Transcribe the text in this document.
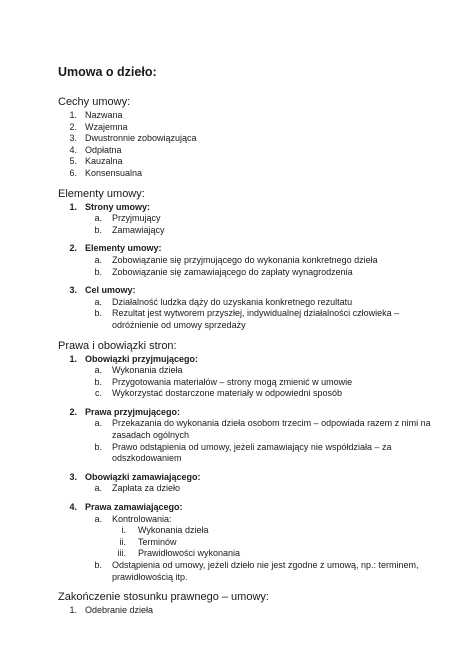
Umowa o dzieło:
Cechy umowy:
1. Nazwana
2. Wzajemna
3. Dwustronnie zobowiązująca
4. Odpłatna
5. Kauzalna
6. Konsensualna
Elementy umowy:
1. Strony umowy:
a.	Przyjmujący
b.	Zamawiający
2. Elementy umowy:
a.	Zobowiązanie się przyjmującego do wykonania konkretnego dzieła
b.	Zobowiązanie się zamawiającego do zapłaty wynagrodzenia
3. Cel umowy:
a.	Działalność ludzka dąży do uzyskania konkretnego rezultatu
b.	Rezultat jest wytworem przyszłej, indywidualnej działalności człowieka – odróżnienie od umowy sprzedaży
Prawa i obowiązki stron:
1. Obowiązki przyjmującego:
a.	Wykonania dzieła
b.	Przygotowania materiałów – strony mogą zmienić w umowie
c.	Wykorzystać dostarczone materiały w odpowiedni sposób
2. Prawa przyjmującego:
a.	Przekazania do wykonania dzieła osobom trzecim – odpowiada razem z nimi na zasadach ogólnych
b.	Prawo odstąpienia od umowy, jeżeli zamawiający nie współdziała – za odszkodowaniem
3. Obowiązki zamawiającego:
a.	Zapłata za dzieło
4. Prawa zamawiającego:
a.	Kontrolowania:
i.	Wykonania dzieła
ii.	Terminów
iii.	Prawidłowości wykonania
b.	Odstąpienia od umowy, jeżeli dzieło nie jest zgodne z umową, np.: terminem, prawidłowością itp.
Zakończenie stosunku prawnego – umowy:
1. Odebranie dzieła
